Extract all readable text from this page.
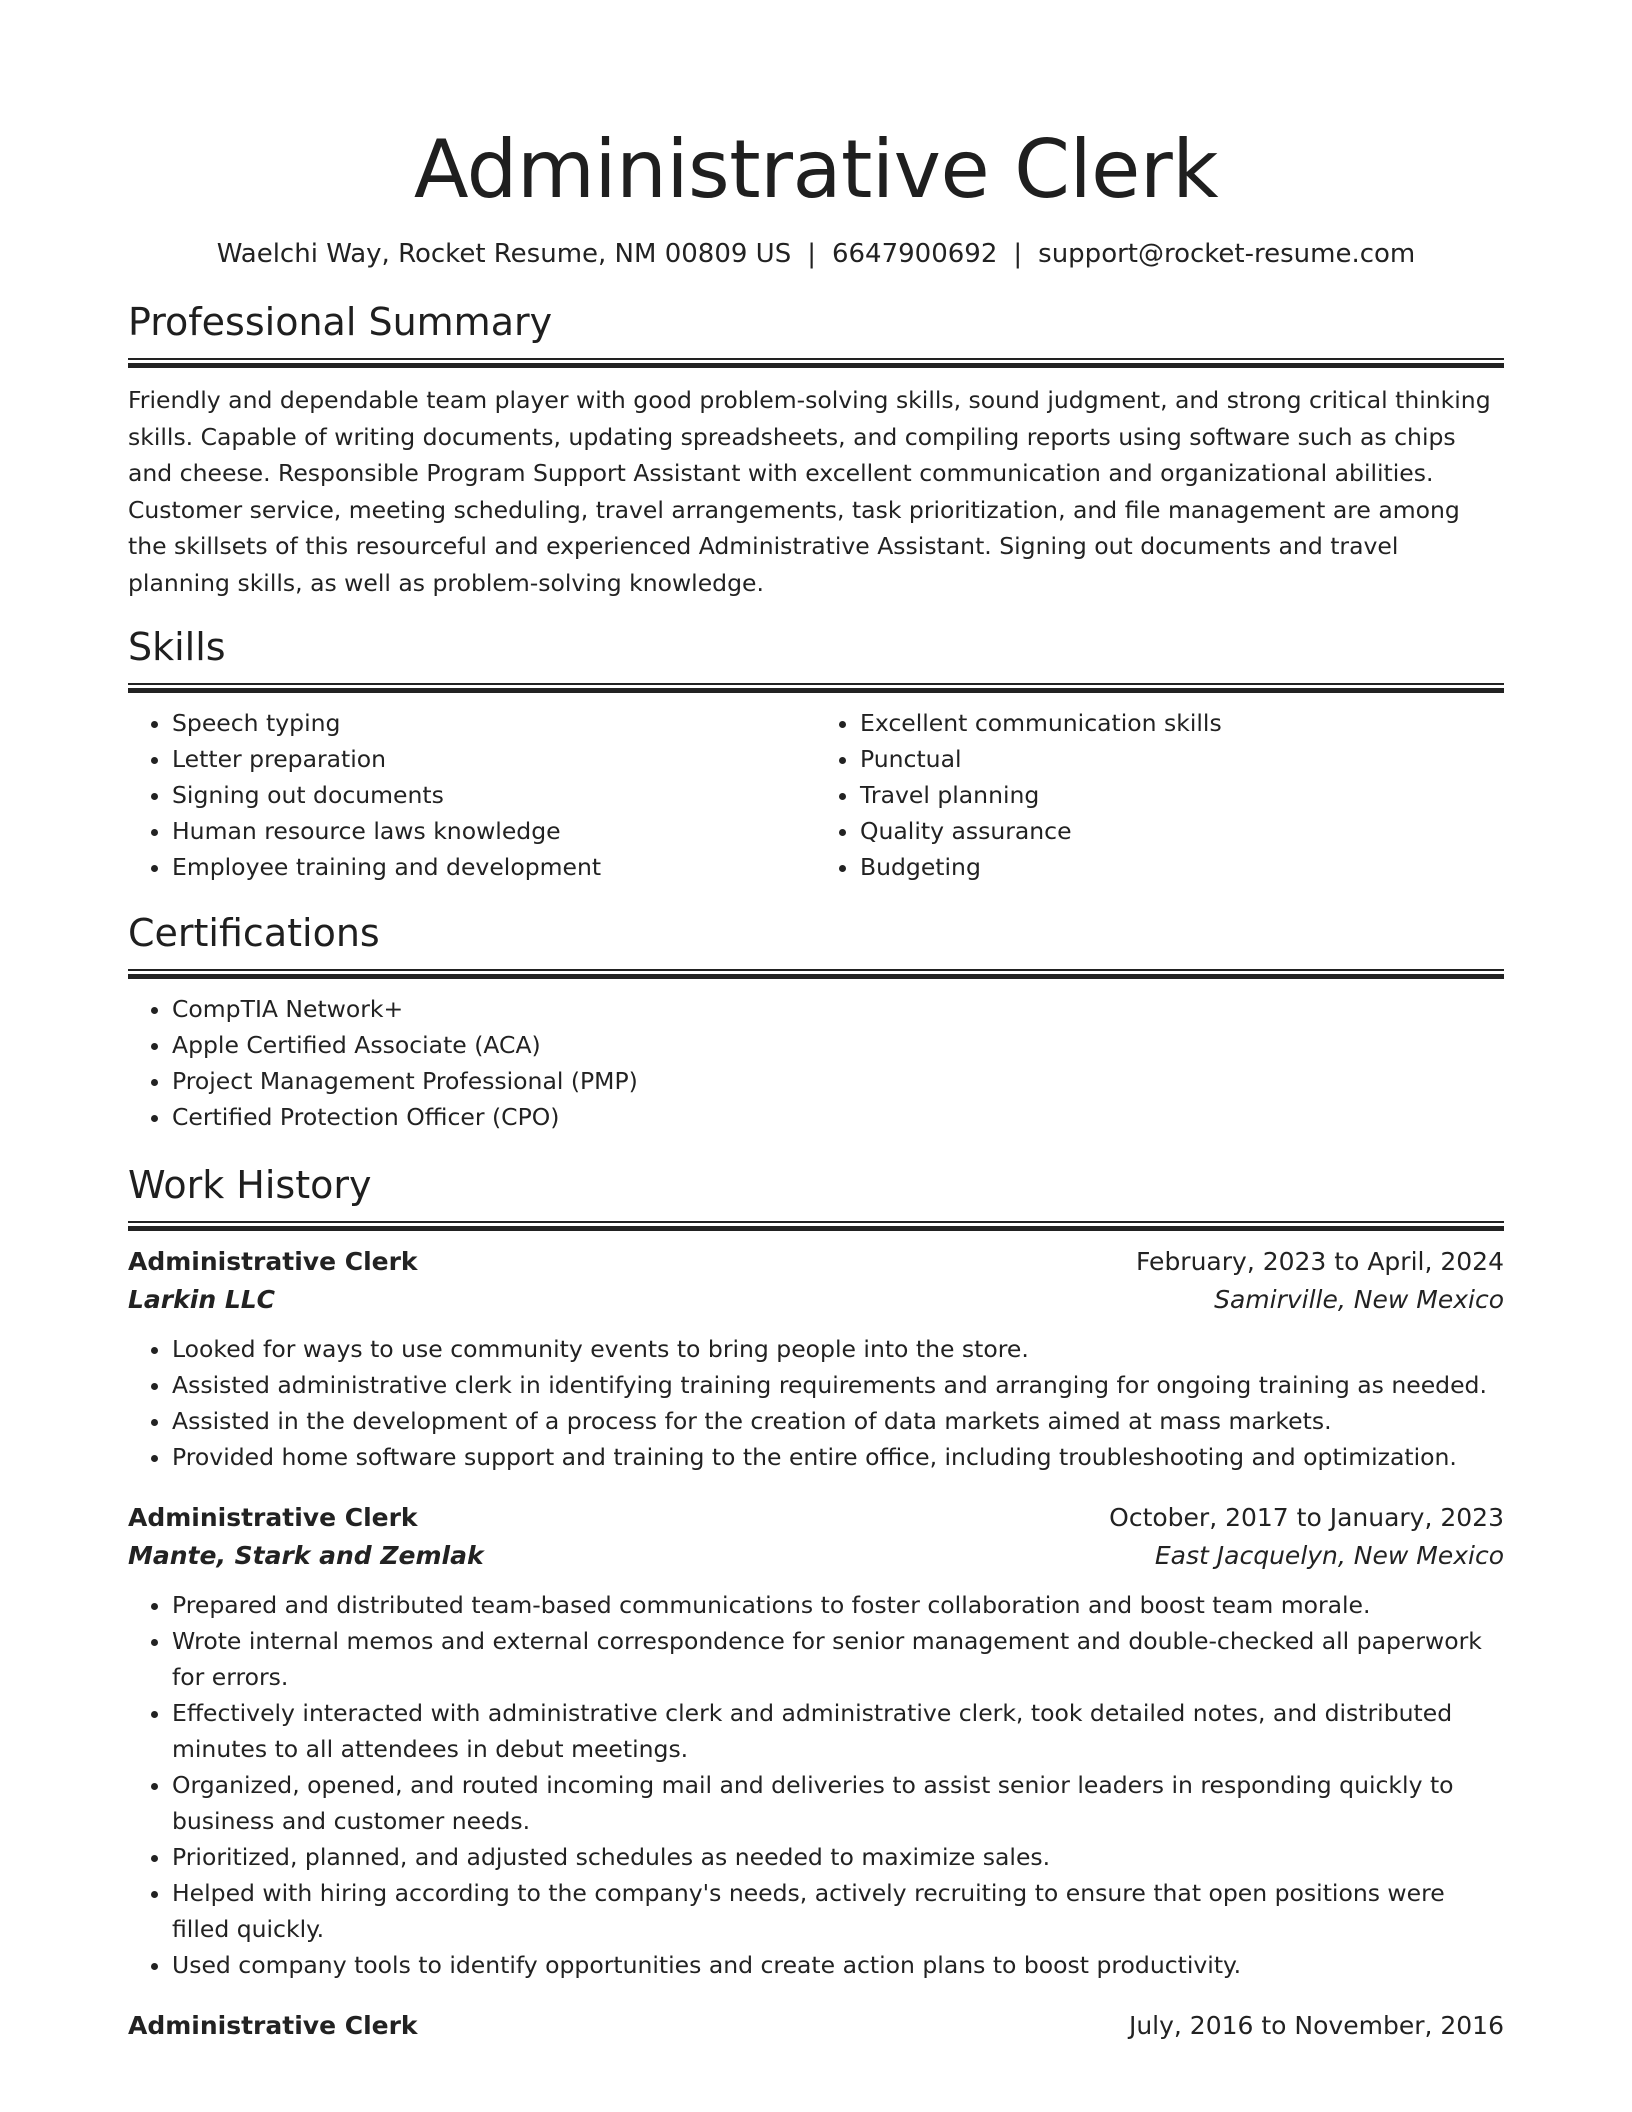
Administrative Clerk
Waelchi Way, Rocket Resume, NM 00809 US | 6647900692 | support@rocket-resume.com
Professional Summary

Friendly and dependable team player with good problem-solving skills, sound judgment, and strong critical thinking skills. Capable of writing documents, updating spreadsheets, and compiling reports using software such as chips and cheese. Responsible Program Support Assistant with excellent communication and organizational abilities. Customer service, meeting scheduling, travel arrangements, task prioritization, and file management are among the skillsets of this resourceful and experienced Administrative Assistant. Signing out documents and travel planning skills, as well as problem-solving knowledge.

Skills
• Speech typing
• Letter preparation
• Signing out documents
• Human resource laws knowledge
• Employee training and development
• Excellent communication skills
• Punctual
• Travel planning
• Quality assurance
• Budgeting
Certifications
• CompTIA Network+
• Apple Certified Associate (ACA)
• Project Management Professional (PMP)
• Certified Protection Officer (CPO)
Work History
Administrative Clerk	February, 2023 to April, 2024
Larkin LLC	Samirville, New Mexico
• Looked for ways to use community events to bring people into the store.
• Assisted administrative clerk in identifying training requirements and arranging for ongoing training as needed.
• Assisted in the development of a process for the creation of data markets aimed at mass markets.
• Provided home software support and training to the entire office, including troubleshooting and optimization.
Administrative Clerk	October, 2017 to January, 2023
Mante, Stark and Zemlak	East Jacquelyn, New Mexico
• Prepared and distributed team-based communications to foster collaboration and boost team morale.
• Wrote internal memos and external correspondence for senior management and double-checked all paperwork for errors.
• Effectively interacted with administrative clerk and administrative clerk, took detailed notes, and distributed minutes to all attendees in debut meetings.
• Organized, opened, and routed incoming mail and deliveries to assist senior leaders in responding quickly to business and customer needs.
• Prioritized, planned, and adjusted schedules as needed to maximize sales.
• Helped with hiring according to the company's needs, actively recruiting to ensure that open positions were filled quickly.
• Used company tools to identify opportunities and create action plans to boost productivity.
Administrative Clerk	July, 2016 to November, 2016
